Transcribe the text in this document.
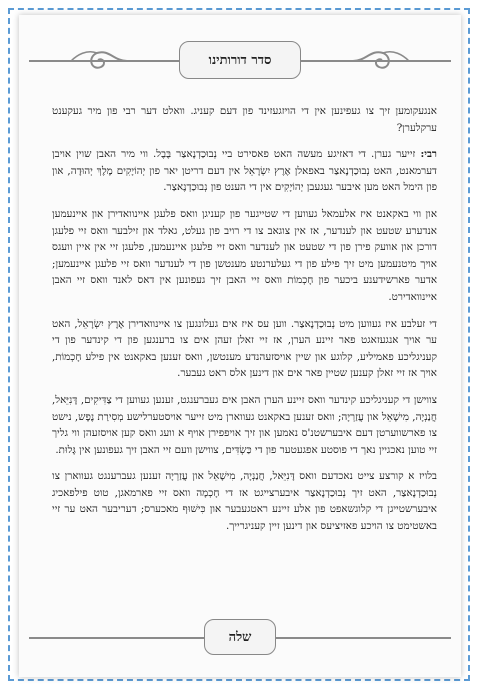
סדר דורותינו

אנגעקומען זיך צו געפינען אין די הויזגעזינד פון דעם קעניג. וואלט דער רבי פון מיר געקענט ערקלערן?

רבי: זייער גערן. די דאזיגע מעשה האט פאסירט ביי נְבוּכַדְנֶאצַר בֶּבֶל. ווי מיר האבן שוין אויבן דערמאנט, האט נְבוּכַדְנֶאצַר באפאלן אֶרֶץ יִשְׂרָאֵל אין דעם דריטן יאר פון יְהוֹיָקִים מֶלֶךְ יְהוּדָה, און פון הימל האט מען איבער געגעבן יְהוֹיָקִים אין די הענט פון נְבוּכַדְנֶאצַר.

און ווי באקאנט איז אלעמאל געווען די שטייגער פון קעניגן וואס פלעגן איינוואדירן און איינעמען אנדערע שטעט און לענדער, אז אין צוגאב צו די רויב פון געלט, גאלד און זילבער וואס זיי פלעגן דורכן און אוועק פירן פון די שטעט און לענדער וואס זיי פלעגן איינעמען, פלעגן זיי אין איין וועגס אויך מיטנעמען מיט זיך פילע פון די געלערנטע מענטשן פון די לענדער וואס זיי פלעגן איינעמען; אדער פארשידענע ביכער פון חָכְמוֹת וואס זיי האבן זיך געפונען אין דאס לאנד וואס זיי האבן איינוואדירט.

די זעלבע איז געווען מיט נְבוּכַדְנֶאצַר. ווען עס איז אים געלונגען צו איינוואדירן אֶרֶץ יִשְׂרָאֵל, האט ער אויך אנגעזאגט פאר זיינע הערן, אז זיי זאלן זעהן אים צו ברענגען פון די קינדער פון די קעניגליכע פאמיליע, קלוגע און שיין אויסזעהנדע מענטשן, וואס זענען באקאנט אין פילע חָכְמוֹת, אויך אז זיי זאלן קענען שטיין פאר אים און דינען אלס ראט געבער.

צווישן די קעניגליכע קינדער וואס זיינע הערן האבן אים געברענגט, זענען געווען די צַדִּיקִים, דָּנִיֵּאל, חֲנַנְיָה, מִישָׁאֵל און עֲזַרְיָה; וואס זענען באקאנט געווארן מיט זייער אויסטערלישע מְסִירַת נֶפֶש, נישט צו פארשווערטן דעם איבערשטנ'ס נאמען און זיך אויפפירן אויף א וועג וואס קען אויסזעהן ווי גליך זיי טוען נאכגיין נאך די פוסטע אפגעטער פון די כַּשְׂדִּים, צווישן וועם זיי האבן זיך געפונען אין גָּלוּת.

בלויז א קורצע צייט נאכדעם וואס דָּנִיֵּאל, חֲנַנְיָה, מִישָׁאֵל און עֲזַרְיָה זענען געברענגט געווארן צו נְבוּכַדְנֶאצַר, האט זיך נְבוּכַדְנֶאצַר איבערצייגט אז די חָכְמָה וואס זיי פארמאגן, טוט פילפאכיג איבערשטייגן די קלוגשאפט פון אלע זיינע ראטגעבער און כִּישׁוּף מאכערס; דעריבער האט ער זיי באשטימט צו הויכע פאזיציעס און דינען זיין קעניגרייך.

שלה
